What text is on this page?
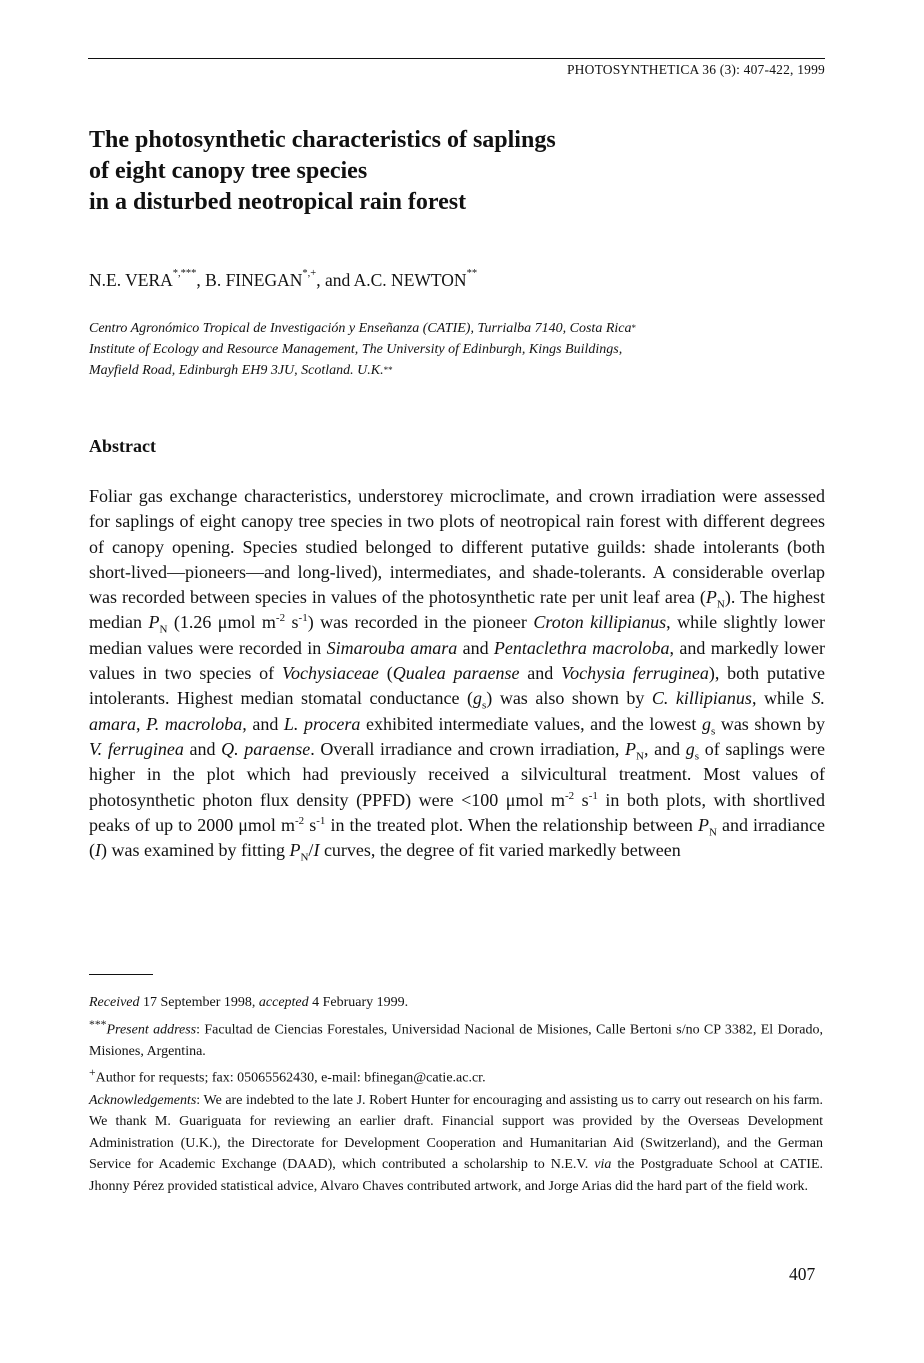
PHOTOSYNTHETICA 36 (3): 407-422, 1999
The photosynthetic characteristics of saplings
of eight canopy tree species
in a disturbed neotropical rain forest
N.E. VERA*,***, B. FINEGAN*,+, and A.C. NEWTON**
Centro Agronómico Tropical de Investigación y Enseñanza (CATIE), Turrialba 7140, Costa Rica*
Institute of Ecology and Resource Management, The University of Edinburgh, Kings Buildings,
Mayfield Road, Edinburgh EH9 3JU, Scotland. U.K.**
Abstract

Foliar gas exchange characteristics, understorey microclimate, and crown irradiation were assessed for saplings of eight canopy tree species in two plots of neotropical rain forest with different degrees of canopy opening. Species studied belonged to different putative guilds: shade intolerants (both short-lived—pioneers—and long-lived), intermediates, and shade-tolerants. A considerable overlap was recorded between species in values of the photosynthetic rate per unit leaf area $(P_N)$. The highest median $P_N$ (1.26 μmol $m^{-2}$ $s^{-1}$) was recorded in the pioneer Croton killipianus, while slightly lower median values were recorded in Simarouba amara and Pentaclethra macroloba, and markedly lower values in two species of Vochysiaceae (Qualea paraense and Vochysia ferruginea), both putative intolerants. Highest median stomatal conductance $(g_s)$ was also shown by C. killipianus, while S. amara, P. macroloba, and L. procera exhibited intermediate values, and the lowest $g_s$ was shown by V. ferruginea and Q. paraense. Overall irradiance and crown irradiation, $P_N$, and $g_s$ of saplings were higher in the plot which had previously received a silvicultural treatment. Most values of photosynthetic photon flux density (PPFD) were <100 μmol $m^{-2}$ $s^{-1}$ in both plots, with shortlived peaks of up to 2000 μmol $m^{-2}$ $s^{-1}$ in the treated plot. When the relationship between $P_N$ and irradiance (I) was examined by fitting $P_N/I$ curves, the degree of fit varied markedly between

Received 17 September 1998, accepted 4 February 1999.

***Present address: Facultad de Ciencias Forestales, Universidad Nacional de Misiones, Calle Bertoni s/no CP 3382, El Dorado, Misiones, Argentina.

+Author for requests; fax: 05065562430, e-mail: bfinegan@catie.ac.cr.

Acknowledgements: We are indebted to the late J. Robert Hunter for encouraging and assisting us to carry out research on his farm. We thank M. Guariguata for reviewing an earlier draft. Financial support was provided by the Overseas Development Administration (U.K.), the Directorate for Development Cooperation and Humanitarian Aid (Switzerland), and the German Service for Academic Exchange (DAAD), which contributed a scholarship to N.E.V. via the Postgraduate School at CATIE. Jhonny Pérez provided statistical advice, Alvaro Chaves contributed artwork, and Jorge Arias did the hard part of the field work.

407
